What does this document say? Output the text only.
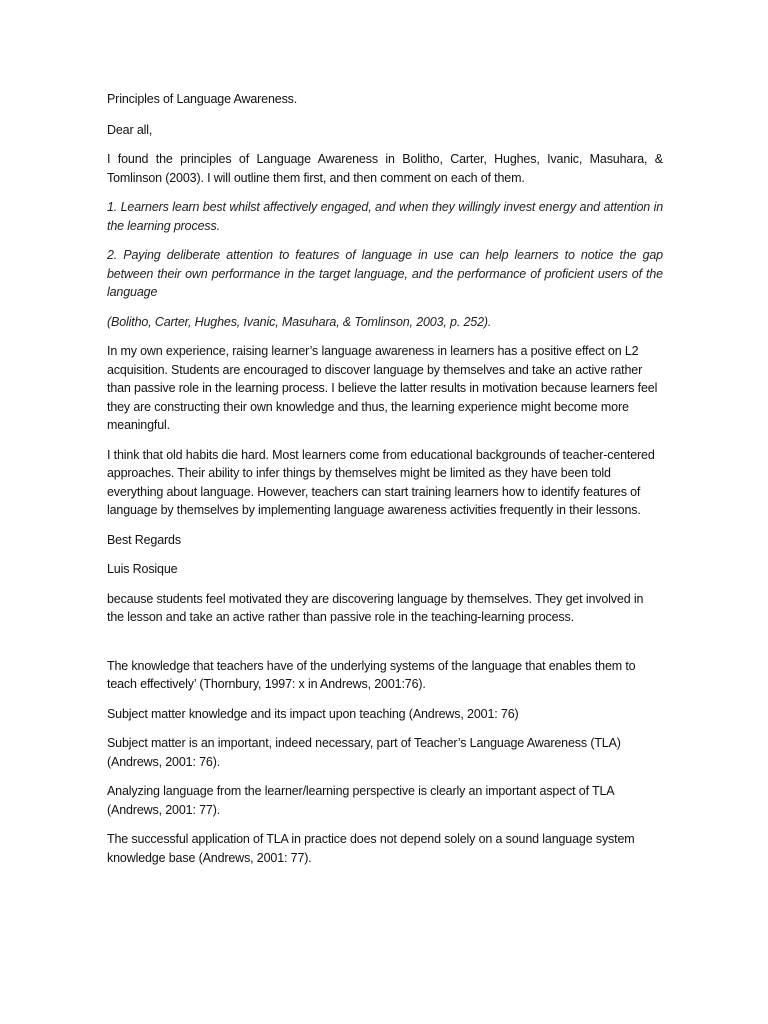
Principles of Language Awareness.

Dear all,

I found the principles of Language Awareness in Bolitho, Carter, Hughes, Ivanic, Masuhara, & Tomlinson (2003). I will outline them first, and then comment on each of them.

1. Learners learn best whilst affectively engaged, and when they willingly invest energy and attention in the learning process.

2. Paying deliberate attention to features of language in use can help learners to notice the gap between their own performance in the target language, and the performance of proficient users of the language

(Bolitho, Carter, Hughes, Ivanic, Masuhara, & Tomlinson, 2003, p. 252).

In my own experience, raising learner’s language awareness in learners has a positive effect on L2 acquisition. Students are encouraged to discover language by themselves and take an active rather than passive role in the learning process. I believe the latter results in motivation because learners feel they are constructing their own knowledge and thus, the learning experience might become more meaningful.

I think that old habits die hard. Most learners come from educational backgrounds of teacher-centered approaches. Their ability to infer things by themselves might be limited as they have been told everything about language. However, teachers can start training learners how to identify features of language by themselves by implementing language awareness activities frequently in their lessons.

Best Regards

Luis Rosique

because students feel motivated they are discovering language by themselves. They get involved in the lesson and take an active rather than passive role in the teaching-learning process.

The knowledge that teachers have of the underlying systems of the language that enables them to teach effectively’ (Thornbury, 1997: x in Andrews, 2001:76).

Subject matter knowledge and its impact upon teaching (Andrews, 2001: 76)

Subject matter is an important, indeed necessary, part of Teacher’s Language Awareness (TLA) (Andrews, 2001: 76).

Analyzing language from the learner/learning perspective is clearly an important aspect of TLA (Andrews, 2001: 77).

The successful application of TLA in practice does not depend solely on a sound language system knowledge base (Andrews, 2001: 77).
